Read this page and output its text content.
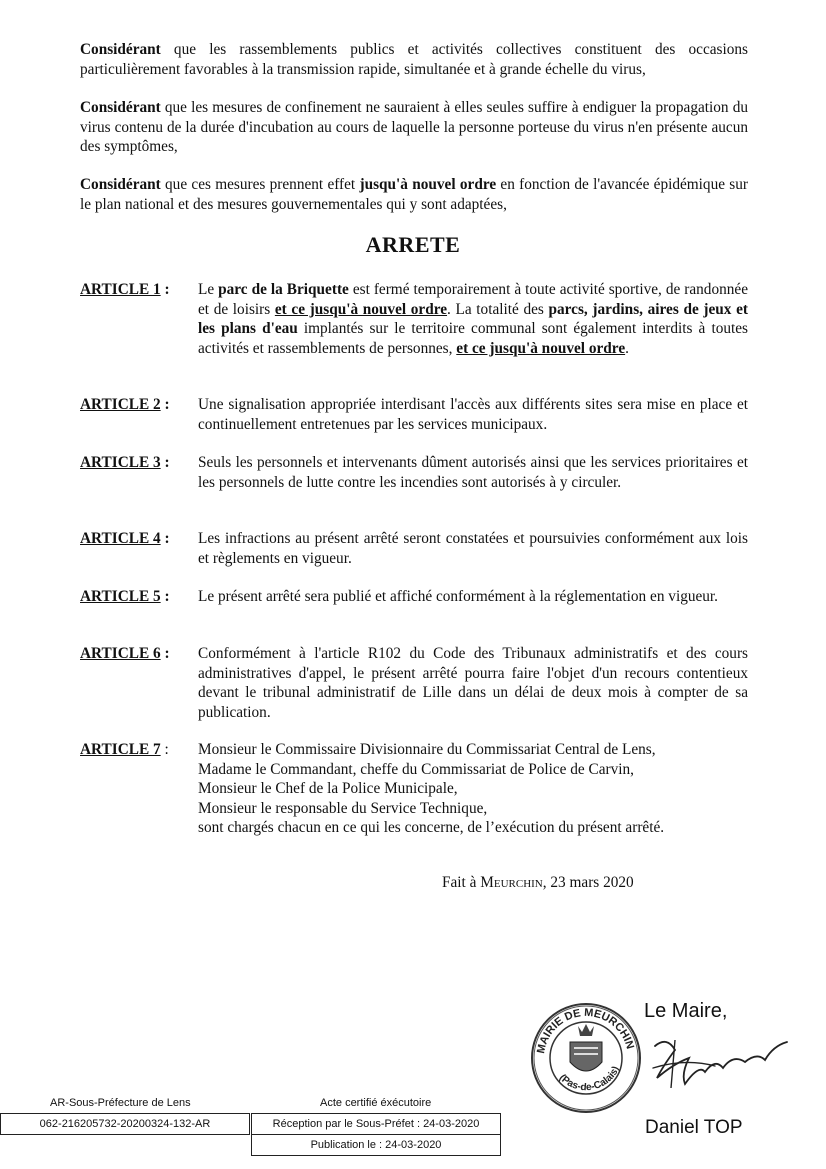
Considérant que les rassemblements publics et activités collectives constituent des occasions particulièrement favorables à la transmission rapide, simultanée et à grande échelle du virus,

Considérant que les mesures de confinement ne sauraient à elles seules suffire à endiguer la propagation du virus contenu de la durée d'incubation au cours de laquelle la personne porteuse du virus n'en présente aucun des symptômes,

Considérant que ces mesures prennent effet jusqu'à nouvel ordre en fonction de l'avancée épidémique sur le plan national et des mesures gouvernementales qui y sont adaptées,

ARRETE
ARTICLE 1 :	Le parc de la Briquette est fermé temporairement à toute activité sportive, de randonnée et de loisirs et ce jusqu'à nouvel ordre. La totalité des parcs, jardins, aires de jeux et les plans d'eau implantés sur le territoire communal sont également interdits à toutes activités et rassemblements de personnes, et ce jusqu'à nouvel ordre.
ARTICLE 2 :	Une signalisation appropriée interdisant l'accès aux différents sites sera mise en place et continuellement entretenues par les services municipaux.
ARTICLE 3 :	Seuls les personnels et intervenants dûment autorisés ainsi que les services prioritaires et les personnels de lutte contre les incendies sont autorisés à y circuler.
ARTICLE 4 :	Les infractions au présent arrêté seront constatées et poursuivies conformément aux lois et règlements en vigueur.
ARTICLE 5 :	Le présent arrêté sera publié et affiché conformément à la réglementation en vigueur.
ARTICLE 6 :	Conformément à l'article R102 du Code des Tribunaux administratifs et des cours administratives d'appel, le présent arrêté pourra faire l'objet d'un recours contentieux devant le tribunal administratif de Lille dans un délai de deux mois à compter de sa publication.
ARTICLE 7 :	Monsieur le Commissaire Divisionnaire du Commissariat Central de Lens,
Madame le Commandant, cheffe du Commissariat de Police de Carvin,
Monsieur le Chef de la Police Municipale,
Monsieur le responsable du Service Technique,
sont chargés chacun en ce qui les concerne, de l’exécution du présent arrêté.
Fait à Meurchin, 23 mars 2020
Le Maire,
MAIRIE DE MEURCHIN
(Pas-de-Calais)
Daniel TOP
AR-Sous-Préfecture de Lens	Acte certifié éxécutoire
062-216205732-20200324-132-AR	Réception par le Sous-Préfet : 24-03-2020
Publication le : 24-03-2020
